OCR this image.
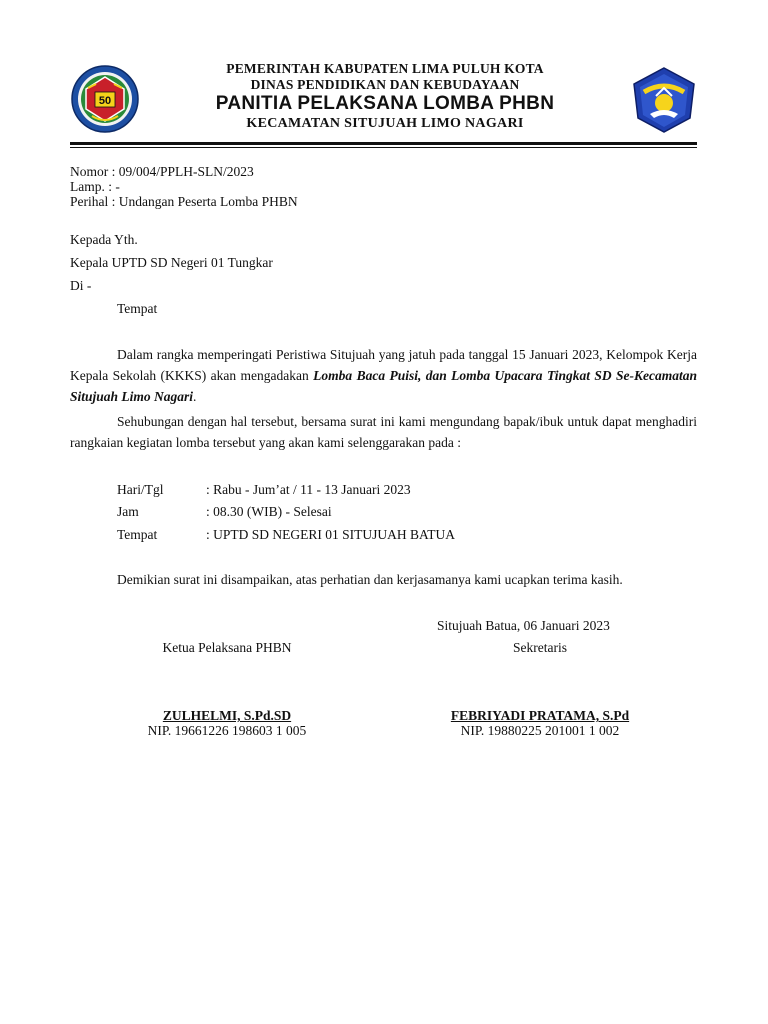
50
PEMERINTAH KABUPATEN LIMA PULUH KOTA
DINAS PENDIDIKAN DAN KEBUDAYAAN
PANITIA PELAKSANA LOMBA PHBN
KECAMATAN SITUJUAH LIMO NAGARI
Nomor : 09/004/PPLH-SLN/2023
Lamp. : -
Perihal : Undangan Peserta Lomba PHBN
Kepada Yth.
Kepala UPTD SD Negeri 01 Tungkar
Di -
Tempat
Dalam rangka memperingati Peristiwa Situjuah yang jatuh pada tanggal 15 Januari 2023, Kelompok Kerja Kepala Sekolah (KKKS) akan mengadakan Lomba Baca Puisi, dan Lomba Upacara Tingkat SD Se-Kecamatan Situjuah Limo Nagari.
Sehubungan dengan hal tersebut, bersama surat ini kami mengundang bapak/ibuk untuk dapat menghadiri rangkaian kegiatan lomba tersebut yang akan kami selenggarakan pada :
Hari/Tgl	: Rabu - Jum’at / 11 - 13 Januari 2023
Jam	: 08.30 (WIB) - Selesai
Tempat	: UPTD SD NEGERI 01 SITUJUAH BATUA
Demikian surat ini disampaikan, atas perhatian dan kerjasamanya kami ucapkan terima kasih.
Situjuah Batua, 06 Januari 2023
Ketua Pelaksana PHBN	Sekretaris
ZULHELMI, S.Pd.SD
NIP. 19661226 198603 1 005
FEBRIYADI PRATAMA, S.Pd
NIP. 19880225 201001 1 002
